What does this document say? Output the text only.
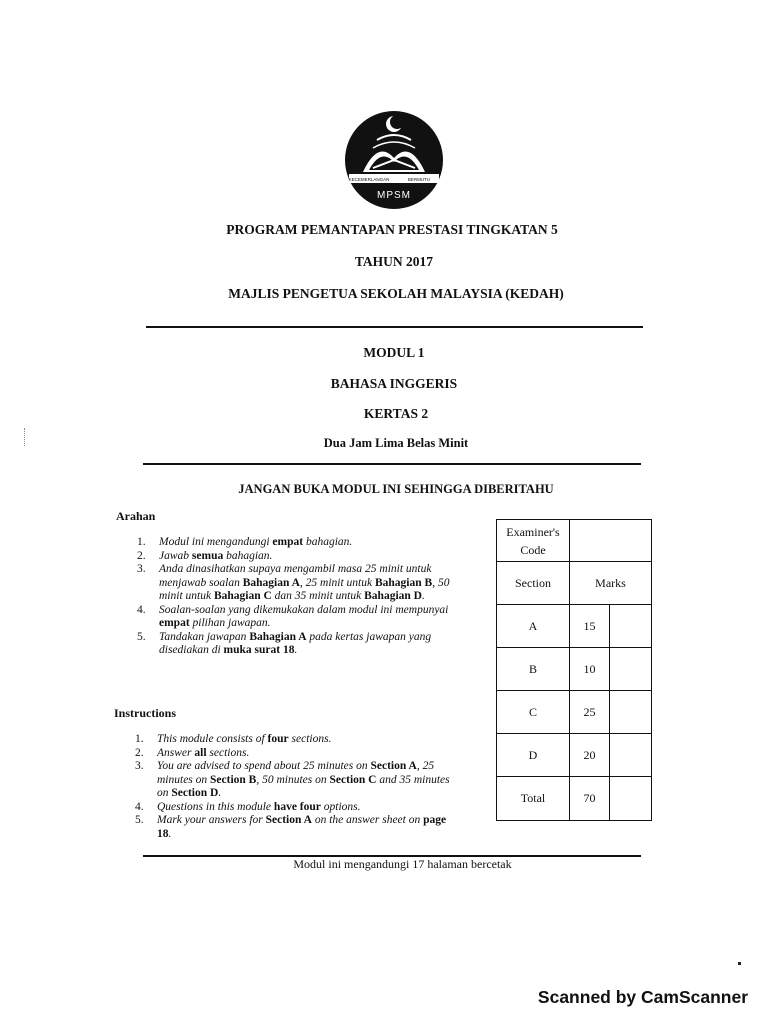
KECEMERLANGAN	BERMUTU
MPSM
PROGRAM PEMANTAPAN PRESTASI TINGKATAN 5
TAHUN 2017
MAJLIS PENGETUA SEKOLAH MALAYSIA (KEDAH)
MODUL 1
BAHASA INGGERIS
KERTAS 2
Dua Jam Lima Belas Minit
JANGAN BUKA MODUL INI SEHINGGA DIBERITAHU
Arahan
1. Modul ini mengandungi empat bahagian.
2. Jawab semua bahagian.
3. Anda dinasihatkan supaya mengambil masa 25 minit untuk menjawab soalan Bahagian A, 25 minit untuk Bahagian B, 50 minit untuk Bahagian C dan 35 minit untuk Bahagian D.
4. Soalan-soalan yang dikemukakan dalam modul ini mempunyai empat pilihan jawapan.
5. Tandakan jawapan Bahagian A pada kertas jawapan yang disediakan di muka surat 18.
Instructions
1. This module consists of four sections.
2. Answer all sections.
3. You are advised to spend about 25 minutes on Section A, 25 minutes on Section B, 50 minutes on Section C and 35 minutes on Section D.
4. Questions in this module have four options.
5. Mark your answers for Section A on the answer sheet on page 18.
Examiner's Code		
Section	Marks	
A	15	
B	10	
C	25	
D	20	
Total	70	
Modul ini mengandungi 17 halaman bercetak
Scanned by CamScanner
